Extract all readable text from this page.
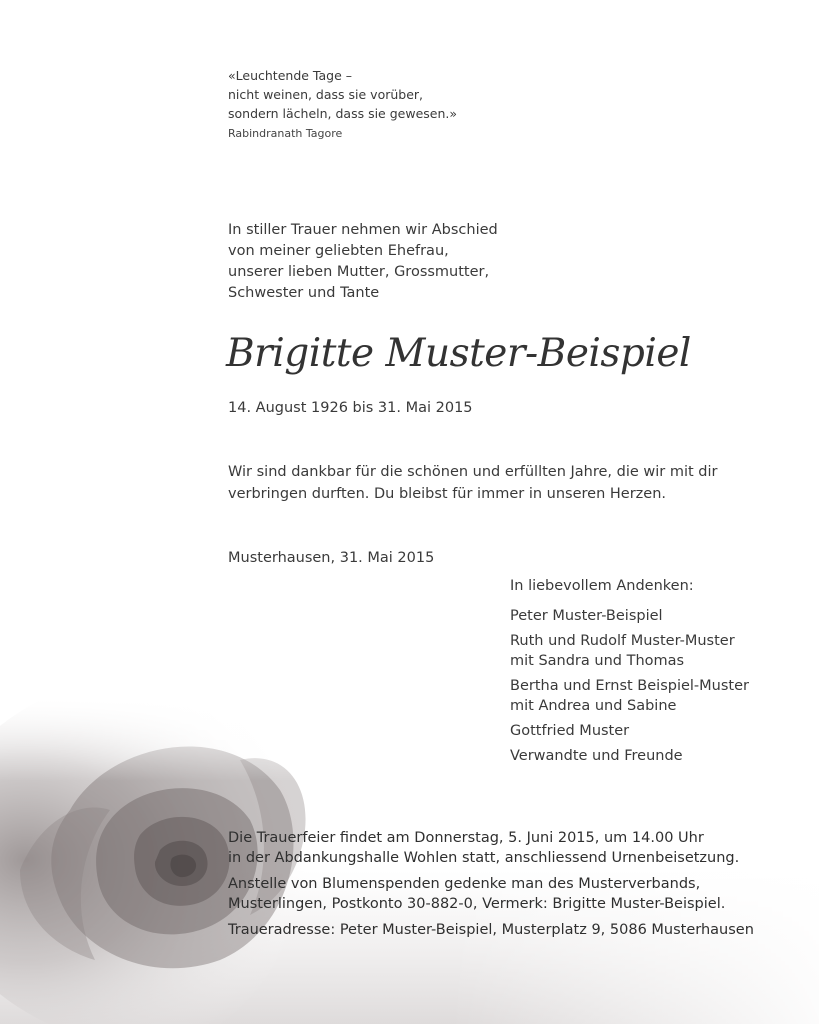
«Leuchtende Tage –
nicht weinen, dass sie vorüber,
sondern lächeln, dass sie gewesen.»
Rabindranath Tagore
In stiller Trauer nehmen wir Abschied
von meiner geliebten Ehefrau,
unserer lieben Mutter, Grossmutter,
Schwester und Tante
Brigitte Muster-Beispiel
14. August 1926 bis 31. Mai 2015
Wir sind dankbar für die schönen und erfüllten Jahre, die wir mit dir
verbringen durften. Du bleibst für immer in unseren Herzen.
Musterhausen, 31. Mai 2015
In liebevollem Andenken:
Peter Muster-Beispiel
Ruth und Rudolf Muster-Muster
mit Sandra und Thomas
Bertha und Ernst Beispiel-Muster
mit Andrea und Sabine
Gottfried Muster
Verwandte und Freunde
Die Trauerfeier findet am Donnerstag, 5. Juni 2015, um 14.00 Uhr
in der Abdankungshalle Wohlen statt, anschliessend Urnenbeisetzung.
Anstelle von Blumenspenden gedenke man des Musterverbands,
Musterlingen, Postkonto 30-882-0, Vermerk: Brigitte Muster-Beispiel.
Traueradresse: Peter Muster-Beispiel, Musterplatz 9, 5086 Musterhausen
